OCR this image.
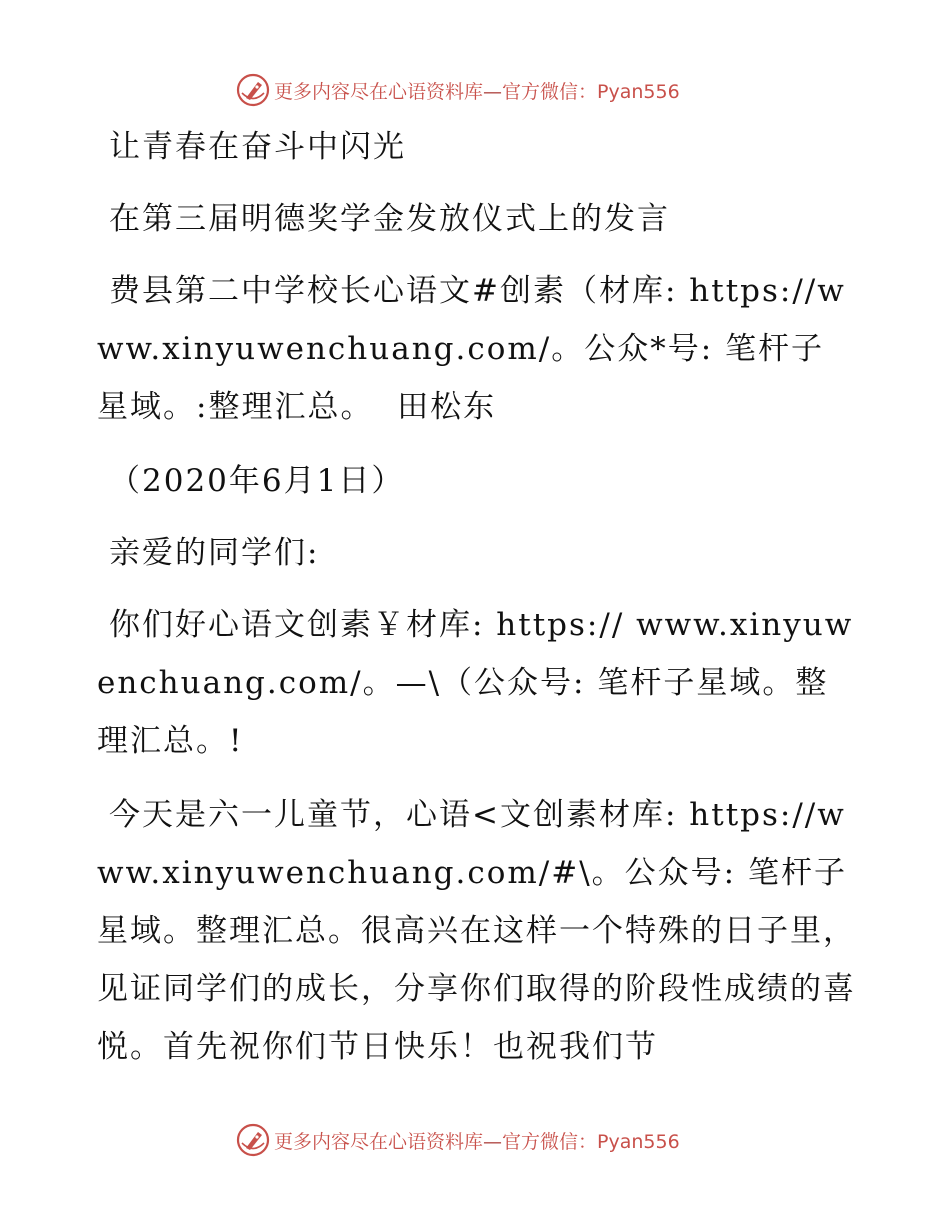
更多内容尽在心语资料库—官方微信：Pyan556
让青春在奋斗中闪光
在第三届明德奖学金发放仪式上的发言
费县第二中学校长心语文#创素（材库: https://www.xinyuwenchuang.com/。公众*号: 笔杆子星域。:整理汇总。  田松东
（2020年6月1日）
亲爱的同学们:
你们好心语文创素￥材库: https:// www.xinyuwenchuang.com/。—\（公众号: 笔杆子星域。整理汇总。!
今天是六一儿童节，心语<文创素材库: https://www.xinyuwenchuang.com/#\。公众号: 笔杆子星域。整理汇总。很高兴在这样一个特殊的日子里，见证同学们的成长，分享你们取得的阶段性成绩的喜悦。首先祝你们节日快乐！也祝我们节
更多内容尽在心语资料库—官方微信：Pyan556
